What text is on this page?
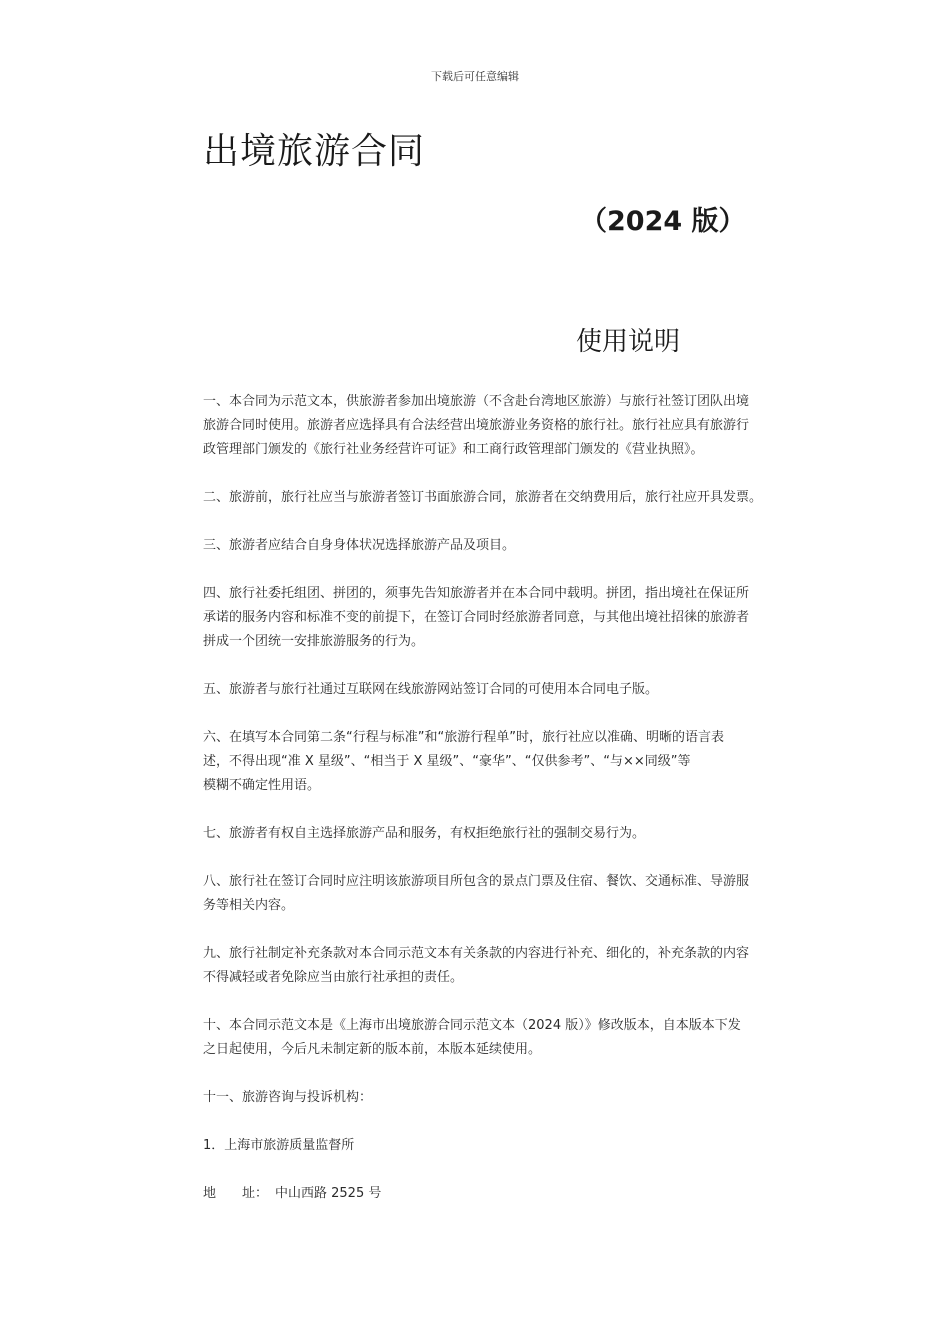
下载后可任意编辑
出境旅游合同
（2024 版）
使用说明

一、本合同为示范文本，供旅游者参加出境旅游（不含赴台湾地区旅游）与旅行社签订团队出境
旅游合同时使用。旅游者应选择具有合法经营出境旅游业务资格的旅行社。旅行社应具有旅游行
政管理部门颁发的《旅行社业务经营许可证》和工商行政管理部门颁发的《营业执照》。

二、旅游前，旅行社应当与旅游者签订书面旅游合同，旅游者在交纳费用后，旅行社应开具发票。

三、旅游者应结合自身身体状况选择旅游产品及项目。

四、旅行社委托组团、拼团的，须事先告知旅游者并在本合同中载明。拼团，指出境社在保证所
承诺的服务内容和标准不变的前提下，在签订合同时经旅游者同意，与其他出境社招徕的旅游者
拼成一个团统一安排旅游服务的行为。

五、旅游者与旅行社通过互联网在线旅游网站签订合同的可使用本合同电子版。

六、在填写本合同第二条“行程与标准”和“旅游行程单”时，旅行社应以准确、明晰的语言表
述，不得出现“准 X 星级”、“相当于 X 星级”、“豪华”、“仅供参考”、“与××同级”等
模糊不确定性用语。

七、旅游者有权自主选择旅游产品和服务，有权拒绝旅行社的强制交易行为。

八、旅行社在签订合同时应注明该旅游项目所包含的景点门票及住宿、餐饮、交通标准、导游服
务等相关内容。

九、旅行社制定补充条款对本合同示范文本有关条款的内容进行补充、细化的，补充条款的内容
不得减轻或者免除应当由旅行社承担的责任。

十、本合同示范文本是《上海市出境旅游合同示范文本（2024 版）》修改版本，自本版本下发
之日起使用，今后凡未制定新的版本前，本版本延续使用。

十一、旅游咨询与投诉机构：

1．上海市旅游质量监督所

地　　址： 中山西路 2525 号
